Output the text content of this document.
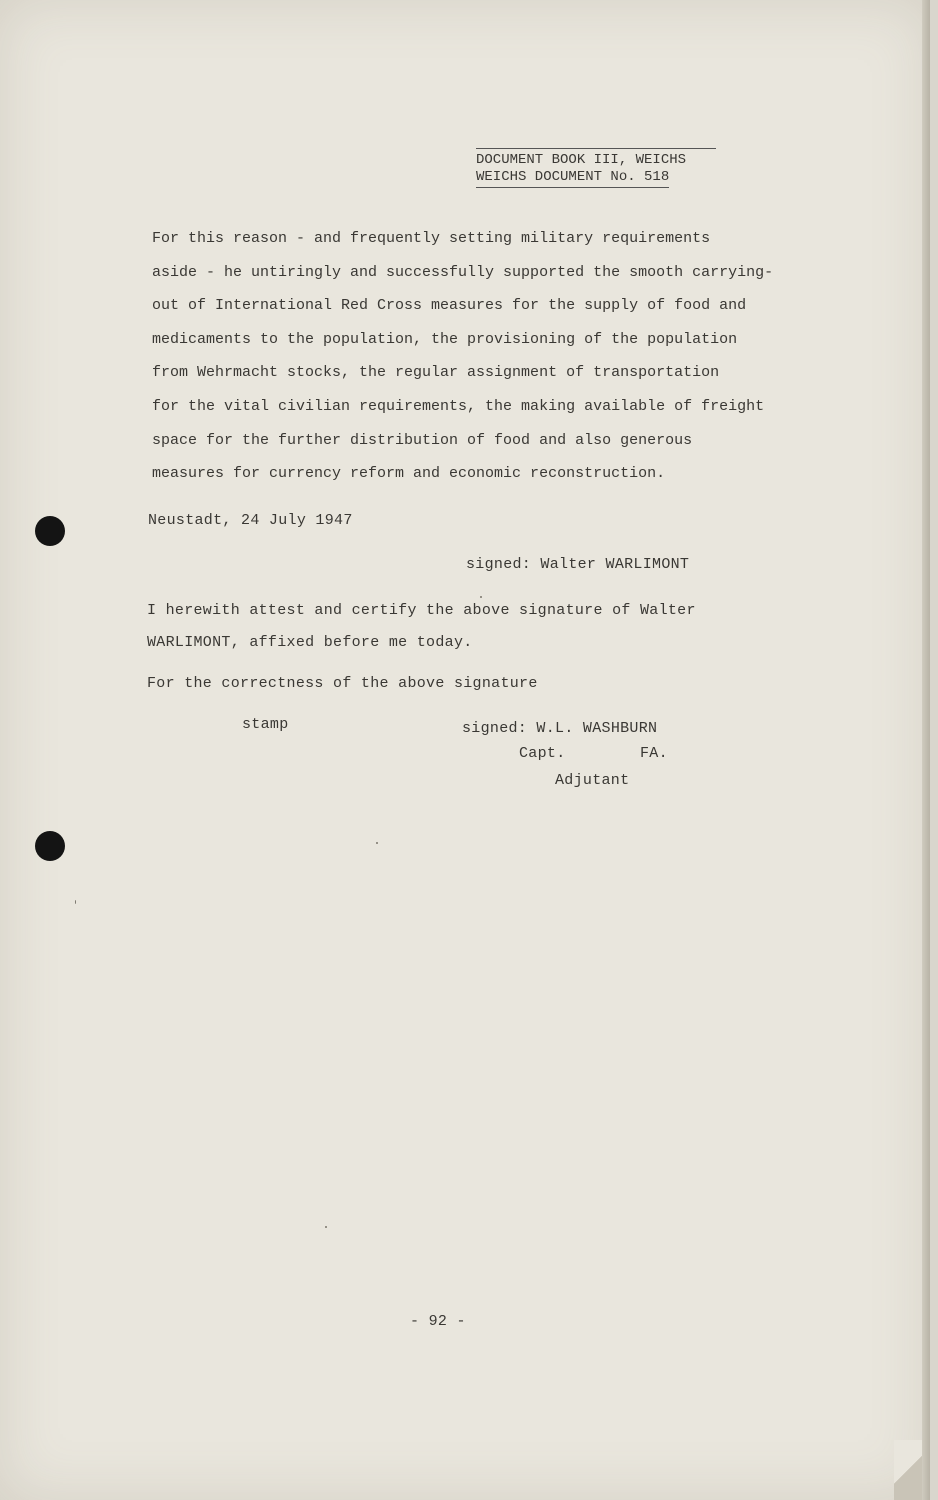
DOCUMENT BOOK III, WEICHS
WEICHS DOCUMENT No. 518
For this reason - and frequently setting military requirements
aside - he untiringly and successfully supported the smooth carrying-
out of International Red Cross measures for the supply of food and
medicaments to the population, the provisioning of the population
from Wehrmacht stocks, the regular assignment of transportation
for the vital civilian requirements, the making available of freight
space for the further distribution of food and also generous
measures for currency reform and economic reconstruction.
Neustadt, 24 July 1947
signed: Walter WARLIMONT
I herewith attest and certify the above signature of Walter
WARLIMONT, affixed before me today.
For the correctness of the above signature
stamp	signed: W.L. WASHBURN
Capt.	FA.
Adjutant
- 92 -
